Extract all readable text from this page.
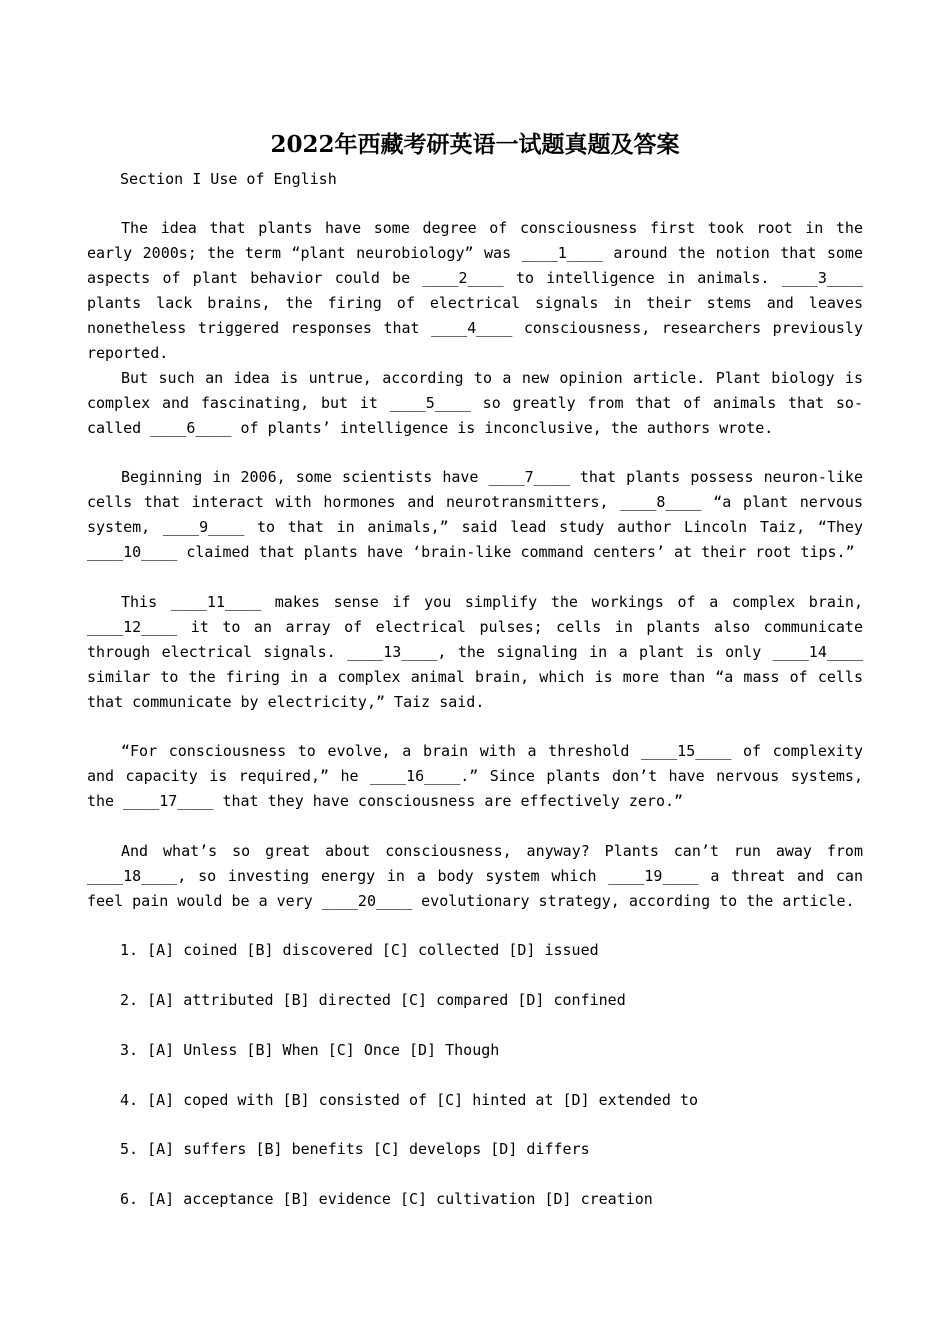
2022年西藏考研英语一试题真题及答案
Section I Use of English

The idea that plants have some degree of consciousness first took root in the early 2000s; the term “plant neurobiology” was ____1____ around the notion that some aspects of plant behavior could be ____2____ to intelligence in animals. ____3____ plants lack brains, the firing of electrical signals in their stems and leaves nonetheless triggered responses that ____4____ consciousness, researchers previously reported.

But such an idea is untrue, according to a new opinion article. Plant biology is complex and fascinating, but it ____5____ so greatly from that of animals that so-called ____6____ of plants’ intelligence is inconclusive, the authors wrote.

Beginning in 2006, some scientists have ____7____ that plants possess neuron-like cells that interact with hormones and neurotransmitters, ____8____ “a plant nervous system, ____9____ to that in animals,” said lead study author Lincoln Taiz, “They ____10____ claimed that plants have ‘brain-like command centers’ at their root tips.”

This ____11____ makes sense if you simplify the workings of a complex brain, ____12____ it to an array of electrical pulses; cells in plants also communicate through electrical signals. ____13____, the signaling in a plant is only ____14____ similar to the firing in a complex animal brain, which is more than “a mass of cells that communicate by electricity,” Taiz said.

“For consciousness to evolve, a brain with a threshold ____15____ of complexity and capacity is required,” he ____16____.” Since plants don’t have nervous systems, the ____17____ that they have consciousness are effectively zero.”

And what’s so great about consciousness, anyway? Plants can’t run away from ____18____, so investing energy in a body system which ____19____ a threat and can feel pain would be a very ____20____ evolutionary strategy, according to the article.

1. [A] coined [B] discovered [C] collected [D] issued
2. [A] attributed [B] directed [C] compared [D] confined
3. [A] Unless [B] When [C] Once [D] Though
4. [A] coped with [B] consisted of [C] hinted at [D] extended to
5. [A] suffers [B] benefits [C] develops [D] differs
6. [A] acceptance [B] evidence [C] cultivation [D] creation
